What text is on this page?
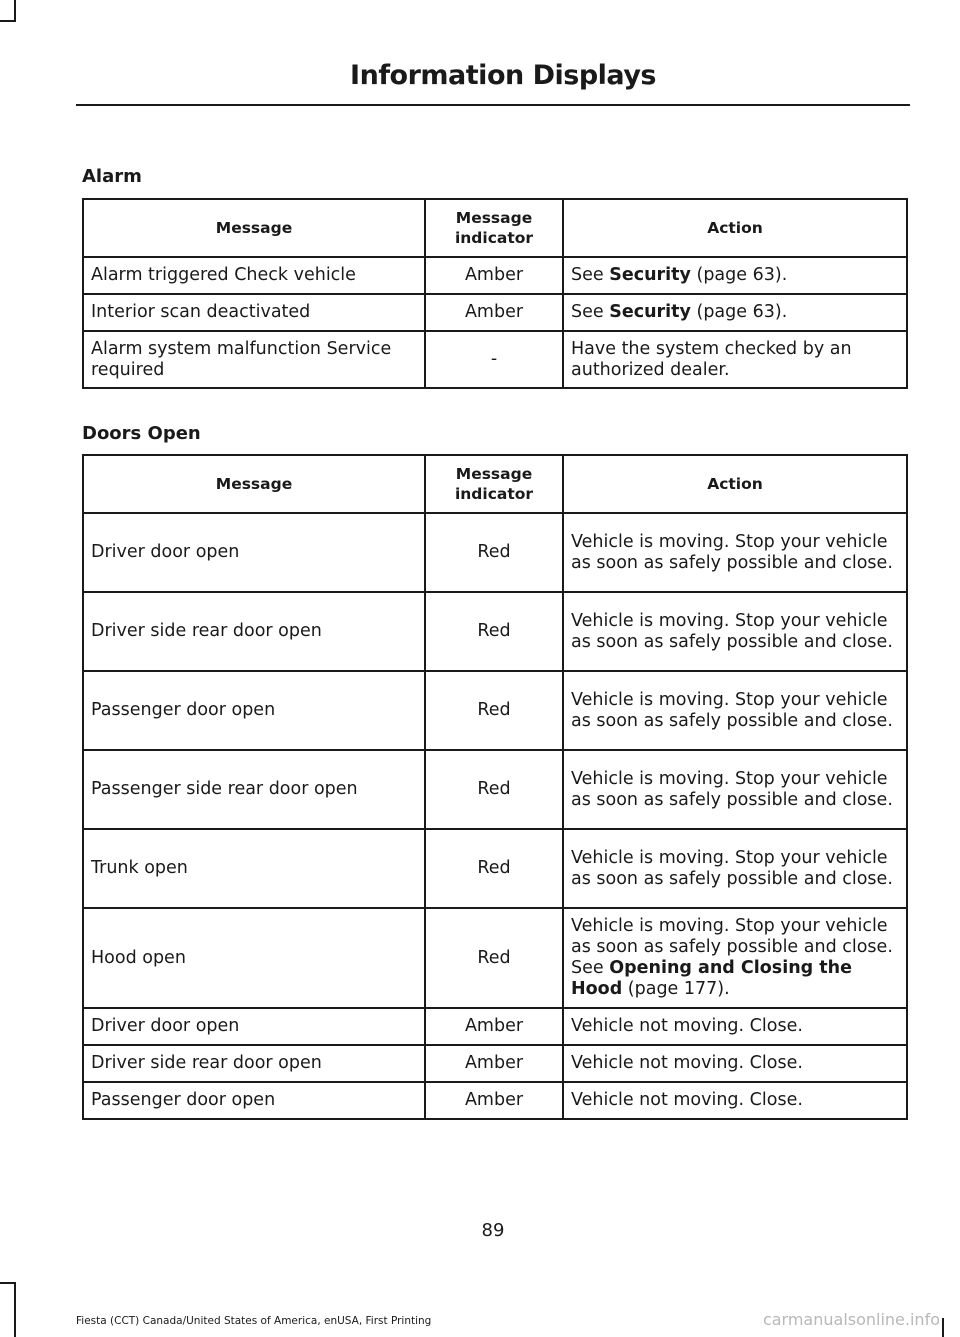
Information Displays
Alarm
Message	Message indicator	Action
Alarm triggered Check vehicle	Amber	See Security (page 63).
Interior scan deactivated	Amber	See Security (page 63).
Alarm system malfunction Service required	-	Have the system checked by an authorized dealer.
Doors Open
Message	Message indicator	Action
Driver door open	Red	Vehicle is moving. Stop your vehicle as soon as safely possible and close.
Driver side rear door open	Red	Vehicle is moving. Stop your vehicle as soon as safely possible and close.
Passenger door open	Red	Vehicle is moving. Stop your vehicle as soon as safely possible and close.
Passenger side rear door open	Red	Vehicle is moving. Stop your vehicle as soon as safely possible and close.
Trunk open	Red	Vehicle is moving. Stop your vehicle as soon as safely possible and close.
Hood open	Red	Vehicle is moving. Stop your vehicle as soon as safely possible and close. See Opening and Closing the Hood (page 177).
Driver door open	Amber	Vehicle not moving. Close.
Driver side rear door open	Amber	Vehicle not moving. Close.
Passenger door open	Amber	Vehicle not moving. Close.
89
Fiesta (CCT) Canada/United States of America, enUSA, First Printing	carmanualsonline.info
